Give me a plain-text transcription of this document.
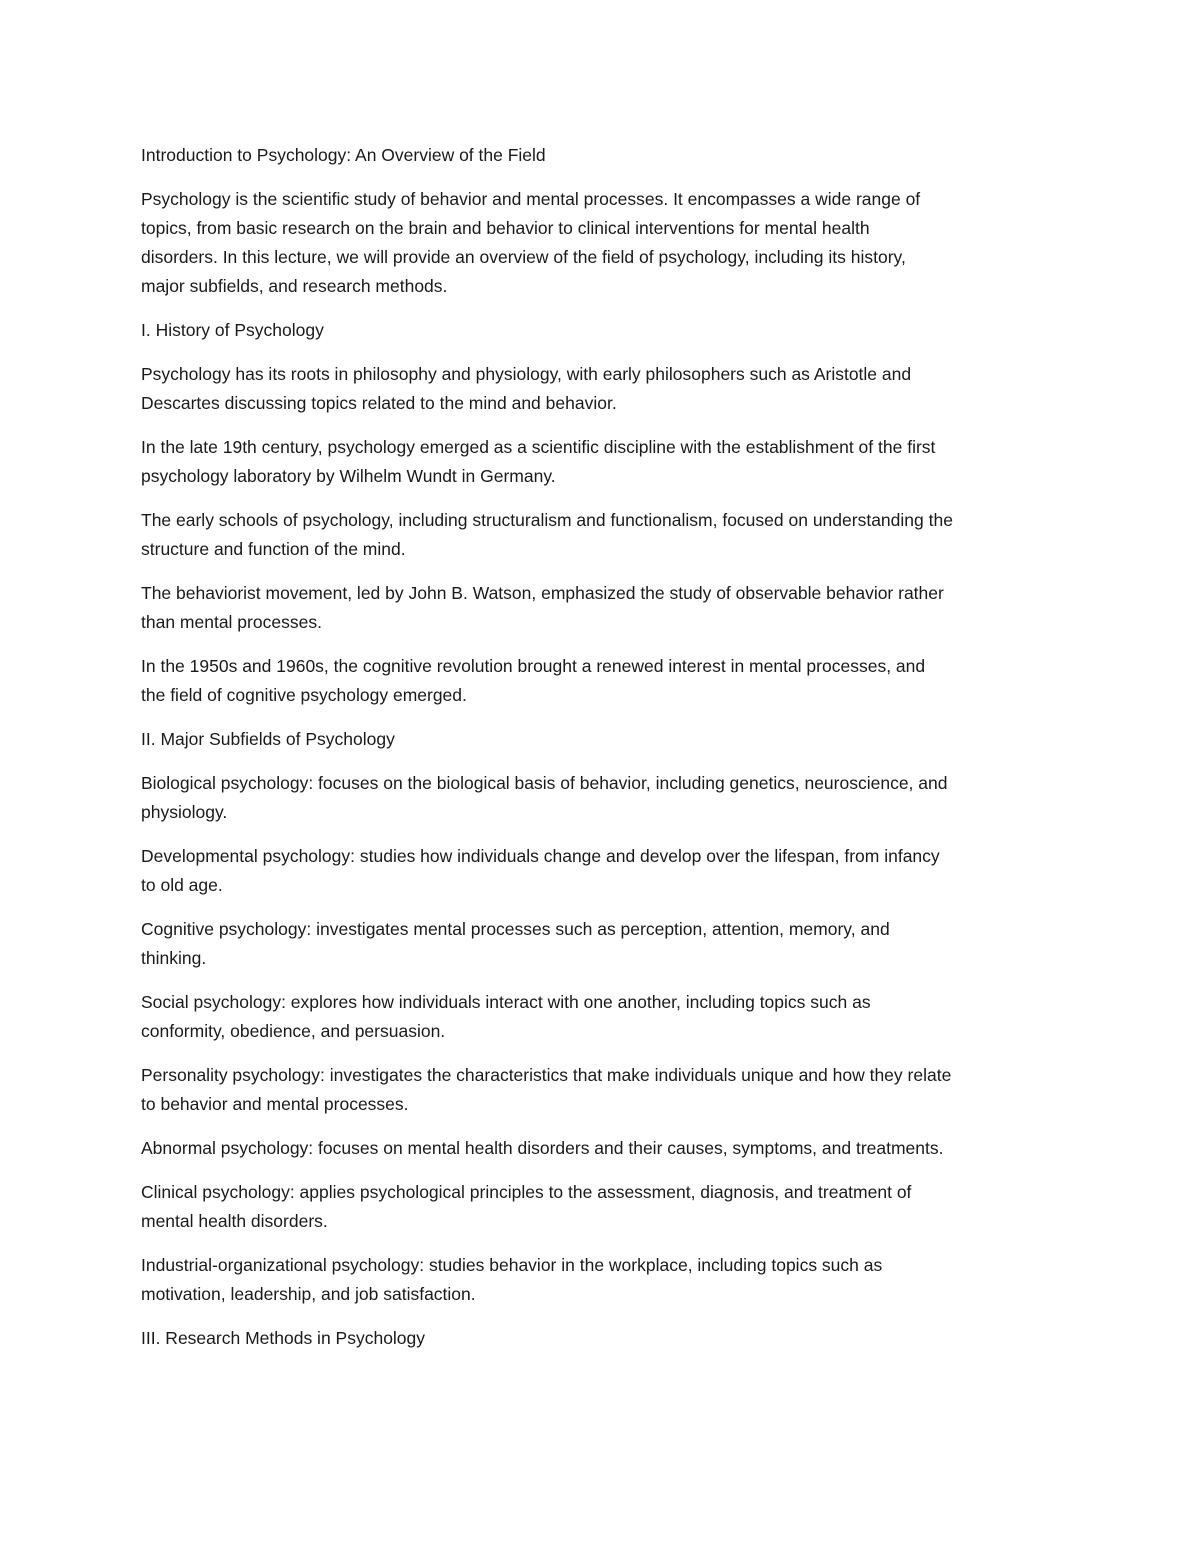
Introduction to Psychology: An Overview of the Field

Psychology is the scientific study of behavior and mental processes. It encompasses a wide range of
topics, from basic research on the brain and behavior to clinical interventions for mental health
disorders. In this lecture, we will provide an overview of the field of psychology, including its history,
major subfields, and research methods.

I. History of Psychology

Psychology has its roots in philosophy and physiology, with early philosophers such as Aristotle and
Descartes discussing topics related to the mind and behavior.

In the late 19th century, psychology emerged as a scientific discipline with the establishment of the first
psychology laboratory by Wilhelm Wundt in Germany.

The early schools of psychology, including structuralism and functionalism, focused on understanding the
structure and function of the mind.

The behaviorist movement, led by John B. Watson, emphasized the study of observable behavior rather
than mental processes.

In the 1950s and 1960s, the cognitive revolution brought a renewed interest in mental processes, and
the field of cognitive psychology emerged.

II. Major Subfields of Psychology

Biological psychology: focuses on the biological basis of behavior, including genetics, neuroscience, and
physiology.

Developmental psychology: studies how individuals change and develop over the lifespan, from infancy
to old age.

Cognitive psychology: investigates mental processes such as perception, attention, memory, and
thinking.

Social psychology: explores how individuals interact with one another, including topics such as
conformity, obedience, and persuasion.

Personality psychology: investigates the characteristics that make individuals unique and how they relate
to behavior and mental processes.

Abnormal psychology: focuses on mental health disorders and their causes, symptoms, and treatments.

Clinical psychology: applies psychological principles to the assessment, diagnosis, and treatment of
mental health disorders.

Industrial-organizational psychology: studies behavior in the workplace, including topics such as
motivation, leadership, and job satisfaction.

III. Research Methods in Psychology
